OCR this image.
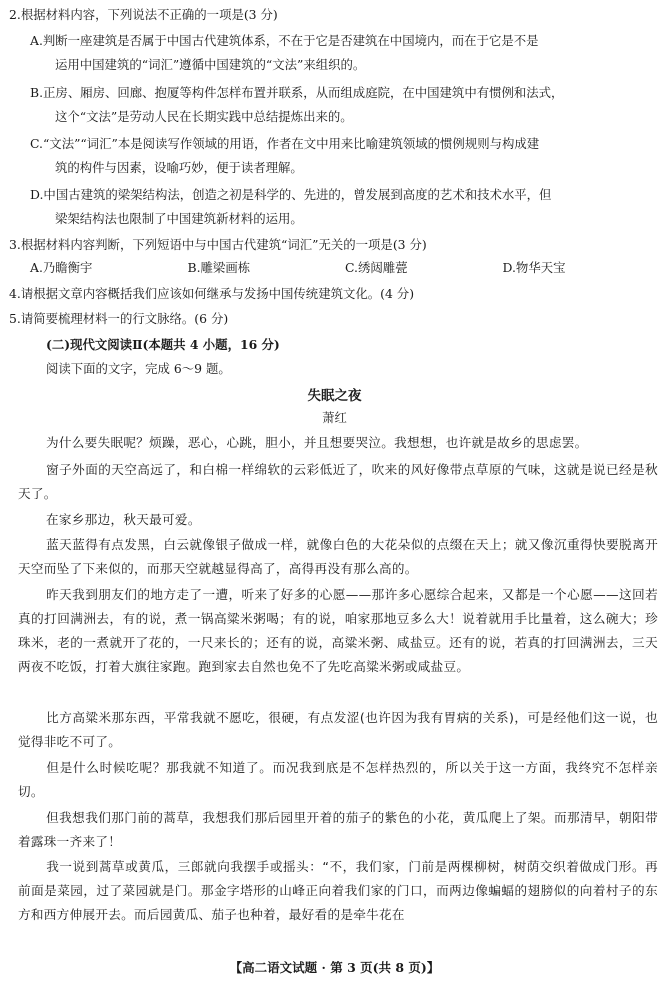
2.根据材料内容，下列说法不正确的一项是(3 分)
A.判断一座建筑是否属于中国古代建筑体系，不在于它是否建筑在中国境内，而在于它是不是
运用中国建筑的“词汇”遵循中国建筑的“文法”来组织的。
B.正房、厢房、回廊、抱厦等构件怎样布置并联系，从而组成庭院，在中国建筑中有惯例和法式，
这个“文法”是劳动人民在长期实践中总结提炼出来的。
C.“文法”“词汇”本是阅读写作领域的用语，作者在文中用来比喻建筑领域的惯例规则与构成建
筑的构件与因素，设喻巧妙，便于读者理解。
D.中国古建筑的梁架结构法，创造之初是科学的、先进的，曾发展到高度的艺术和技术水平，但
梁架结构法也限制了中国建筑新材料的运用。
3.根据材料内容判断，下列短语中与中国古代建筑“词汇”无关的一项是(3 分)
A.乃瞻衡宇	B.雕梁画栋	C.绣闼雕甍	D.物华天宝
4.请根据文章内容概括我们应该如何继承与发扬中国传统建筑文化。(4 分)
5.请简要梳理材料一的行文脉络。(6 分)
(二)现代文阅读Ⅱ(本题共 4 小题，16 分)
阅读下面的文字，完成 6～9 题。
失眠之夜
萧红
为什么要失眠呢？烦躁，恶心，心跳，胆小，并且想要哭泣。我想想，也许就是故乡的思虑罢。
窗子外面的天空高远了，和白棉一样绵软的云彩低近了，吹来的风好像带点草原的气味，这就是说已经是秋天了。
在家乡那边，秋天最可爱。
蓝天蓝得有点发黑，白云就像银子做成一样，就像白色的大花朵似的点缀在天上；就又像沉重得快要脱离开天空而坠了下来似的，而那天空就越显得高了，高得再没有那么高的。
昨天我到朋友们的地方走了一遭，听来了好多的心愿——那许多心愿综合起来，又都是一个心愿——这回若真的打回满洲去，有的说，煮一锅高粱米粥喝；有的说，咱家那地豆多么大！说着就用手比量着，这么碗大；珍珠米，老的一煮就开了花的，一尺来长的；还有的说，高粱米粥、咸盐豆。还有的说，若真的打回满洲去，三天两夜不吃饭，打着大旗往家跑。跑到家去自然也免不了先吃高粱米粥或咸盐豆。
比方高粱米那东西，平常我就不愿吃，很硬，有点发涩(也许因为我有胃病的关系)，可是经他们这一说，也觉得非吃不可了。
但是什么时候吃呢？那我就不知道了。而况我到底是不怎样热烈的，所以关于这一方面，我终究不怎样亲切。
但我想我们那门前的蒿草，我想我们那后园里开着的茄子的紫色的小花，黄瓜爬上了架。而那清早，朝阳带着露珠一齐来了！
我一说到蒿草或黄瓜，三郎就向我摆手或摇头：“不，我们家，门前是两棵柳树，树荫交织着做成门形。再前面是菜园，过了菜园就是门。那金字塔形的山峰正向着我们家的门口，而两边像蝙蝠的翅膀似的向着村子的东方和西方伸展开去。而后园黄瓜、茄子也种着，最好看的是牵牛花在
【高二语文试题 · 第 3 页(共 8 页)】
